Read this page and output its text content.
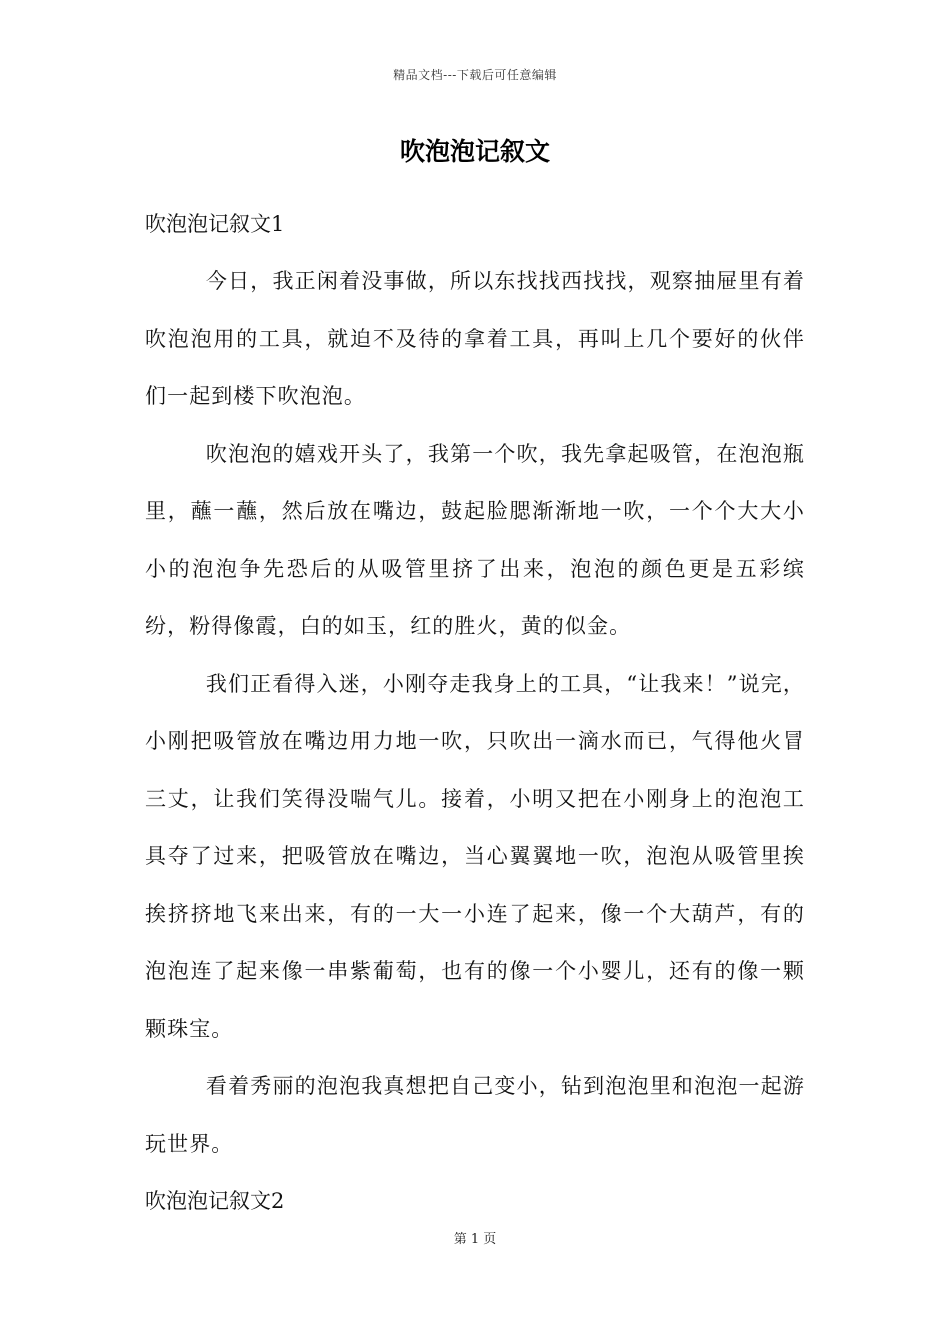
精品文档---下载后可任意编辑
吹泡泡记叙文

吹泡泡记叙文1

今日，我正闲着没事做，所以东找找西找找，观察抽屉里有着吹泡泡用的工具，就迫不及待的拿着工具，再叫上几个要好的伙伴们一起到楼下吹泡泡。

吹泡泡的嬉戏开头了，我第一个吹，我先拿起吸管，在泡泡瓶里，蘸一蘸，然后放在嘴边，鼓起脸腮渐渐地一吹，一个个大大小小的泡泡争先恐后的从吸管里挤了出来，泡泡的颜色更是五彩缤纷，粉得像霞，白的如玉，红的胜火，黄的似金。

我们正看得入迷，小刚夺走我身上的工具，“让我来！”说完，小刚把吸管放在嘴边用力地一吹，只吹出一滴水而已，气得他火冒三丈，让我们笑得没喘气儿。接着，小明又把在小刚身上的泡泡工具夺了过来，把吸管放在嘴边，当心翼翼地一吹，泡泡从吸管里挨挨挤挤地飞来出来，有的一大一小连了起来，像一个大葫芦，有的泡泡连了起来像一串紫葡萄，也有的像一个小婴儿，还有的像一颗颗珠宝。

看着秀丽的泡泡我真想把自己变小，钻到泡泡里和泡泡一起游玩世界。

吹泡泡记叙文2

第 1 页
